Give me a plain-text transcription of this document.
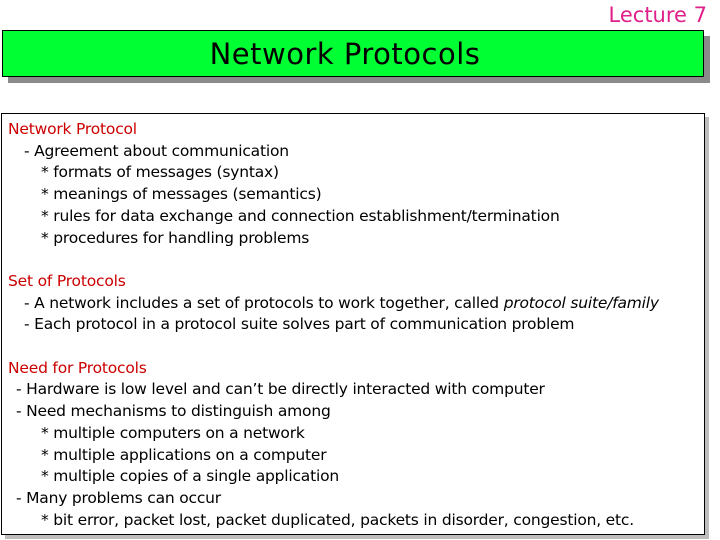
Lecture 7
Network Protocols
Network Protocol
- Agreement about communication
* formats of messages (syntax)
* meanings of messages (semantics)
* rules for data exchange and connection establishment/termination
* procedures for handling problems
Set of Protocols
- A network includes a set of protocols to work together, called protocol suite/family
- Each protocol in a protocol suite solves part of communication problem
Need for Protocols
- Hardware is low level and can’t be directly interacted with computer
- Need mechanisms to distinguish among
* multiple computers on a network
* multiple applications on a computer
* multiple copies of a single application
- Many problems can occur
* bit error, packet lost, packet duplicated, packets in disorder, congestion, etc.
